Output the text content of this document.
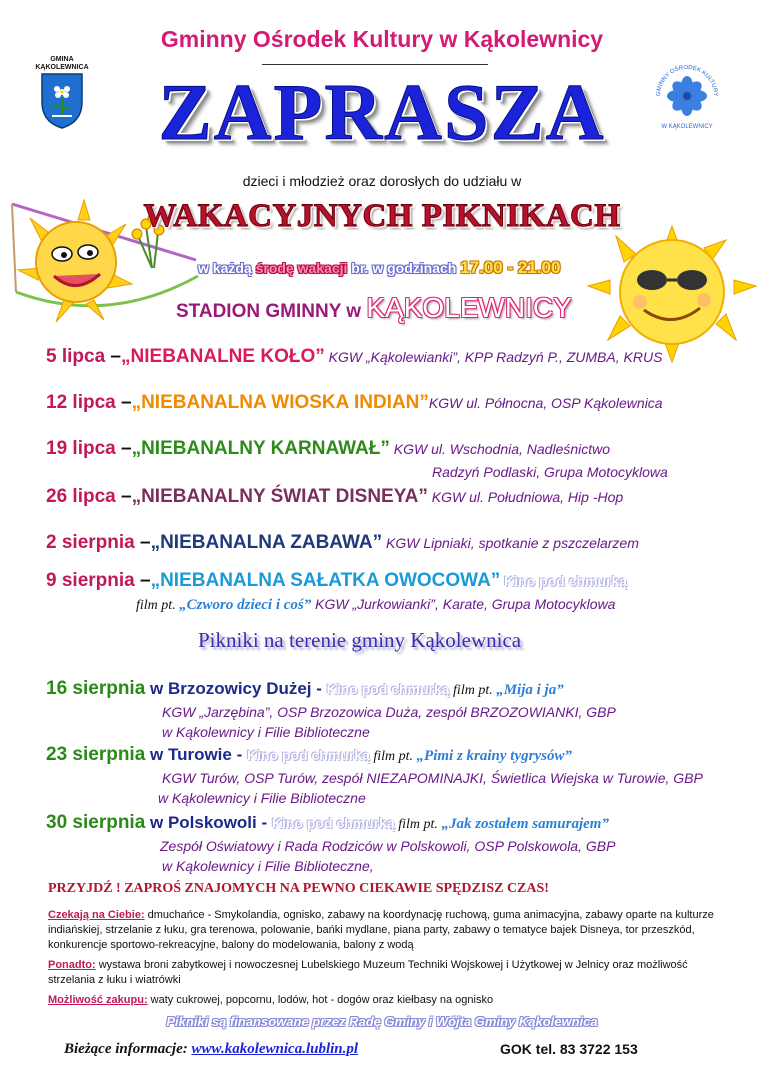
Gminny Ośrodek Kultury w Kąkolewnicy
GMINA
KĄKOLEWNICA
GMINNY OŚRODEK KULTURY
W KĄKOLEWNICY
ZAPRASZA
dzieci i młodzież oraz dorosłych do udziału w
WAKACYJNYCH PIKNIKACH
w każdą środę wakacji br. w godzinach 17.00 - 21.00
STADION GMINNY w KĄKOLEWNICY
5 lipca –„NIEBANALNE KOŁO” KGW „Kąkolewianki”, KPP Radzyń P., ZUMBA, KRUS
12 lipca –„NIEBANALNA WIOSKA INDIAN”KGW ul. Północna, OSP Kąkolewnica
19 lipca –„NIEBANALNY KARNAWAŁ” KGW ul. Wschodnia, Nadleśnictwo
Radzyń Podlaski, Grupa Motocyklowa
26 lipca –„NIEBANALNY ŚWIAT DISNEYA” KGW ul. Południowa, Hip -Hop
2 sierpnia –„NIEBANALNA ZABAWA” KGW Lipniaki, spotkanie z pszczelarzem
9 sierpnia –„NIEBANALNA SAŁATKA OWOCOWA” Kino pod chmurką
film pt. „Czworo dzieci i coś” KGW „Jurkowianki”, Karate, Grupa Motocyklowa
Pikniki na terenie gminy Kąkolewnica
16 sierpnia w Brzozowicy Dużej - Kino pod chmurką film pt. „Mija i ja”
KGW „Jarzębina”, OSP Brzozowica Duża, zespół BRZOZOWIANKI, GBP
w Kąkolewnicy i Filie Biblioteczne
23 sierpnia w Turowie - Kino pod chmurką film pt. „Pimi z krainy tygrysów”
KGW Turów, OSP Turów, zespół NIEZAPOMINAJKI, Świetlica Wiejska w Turowie, GBP
w Kąkolewnicy i Filie Biblioteczne
30 sierpnia w Polskowoli - Kino pod chmurką film pt. „Jak zostałem samurajem”
Zespół Oświatowy i Rada Rodziców w Polskowoli, OSP Polskowola, GBP
w Kąkolewnicy i Filie Biblioteczne,
PRZYJDŹ ! ZAPROŚ ZNAJOMYCH NA PEWNO CIEKAWIE SPĘDZISZ CZAS!
Czekają na Ciebie: dmuchańce - Smykolandia, ognisko, zabawy na koordynację ruchową, guma animacyjna, zabawy oparte na kulturze indiańskiej, strzelanie z łuku, gra terenowa, polowanie, bańki mydlane, piana party, zabawy o tematyce bajek Disneya, tor przeszkód, konkurencje sportowo-rekreacyjne, balony do modelowania, balony z wodą
Ponadto: wystawa broni zabytkowej i nowoczesnej Lubelskiego Muzeum Techniki Wojskowej i Użytkowej w Jelnicy oraz możliwość strzelania z łuku i wiatrówki
Możliwość zakupu: waty cukrowej, popcornu, lodów, hot - dogów oraz kiełbasy na ognisko
Pikniki są finansowane przez Radę Gminy i Wójta Gminy Kąkolewnica
Bieżące informacje: www.kakolewnica.lublin.pl	GOK tel. 83 3722 153
